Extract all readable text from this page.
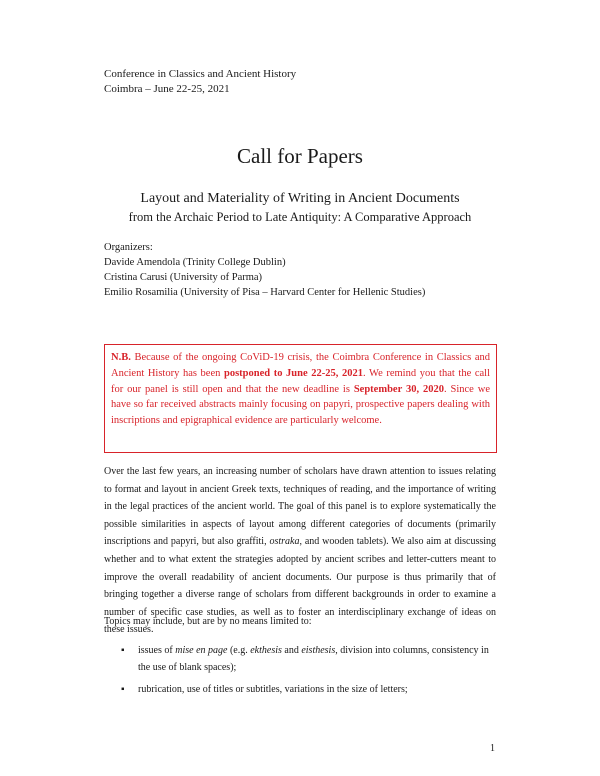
Conference in Classics and Ancient History
Coimbra – June 22-25, 2021
Call for Papers
Layout and Materiality of Writing in Ancient Documents
from the Archaic Period to Late Antiquity: A Comparative Approach
Organizers:
Davide Amendola (Trinity College Dublin)
Cristina Carusi (University of Parma)
Emilio Rosamilia (University of Pisa – Harvard Center for Hellenic Studies)
N.B. Because of the ongoing CoViD-19 crisis, the Coimbra Conference in Classics and Ancient History has been postponed to June 22-25, 2021. We remind you that the call for our panel is still open and that the new deadline is September 30, 2020. Since we have so far received abstracts mainly focusing on papyri, prospective papers dealing with inscriptions and epigraphical evidence are particularly welcome.
Over the last few years, an increasing number of scholars have drawn attention to issues relating to format and layout in ancient Greek texts, techniques of reading, and the importance of writing in the legal practices of the ancient world. The goal of this panel is to explore systematically the possible similarities in aspects of layout among different categories of documents (primarily inscriptions and papyri, but also graffiti, ostraka, and wooden tablets). We also aim at discussing whether and to what extent the strategies adopted by ancient scribes and letter-cutters meant to improve the overall readability of ancient documents. Our purpose is thus primarily that of bringing together a diverse range of scholars from different backgrounds in order to examine a number of specific case studies, as well as to foster an interdisciplinary exchange of ideas on these issues.
Topics may include, but are by no means limited to:
▪ issues of mise en page (e.g. ekthesis and eisthesis, division into columns, consistency in the use of blank spaces);
▪ rubrication, use of titles or subtitles, variations in the size of letters;
1
